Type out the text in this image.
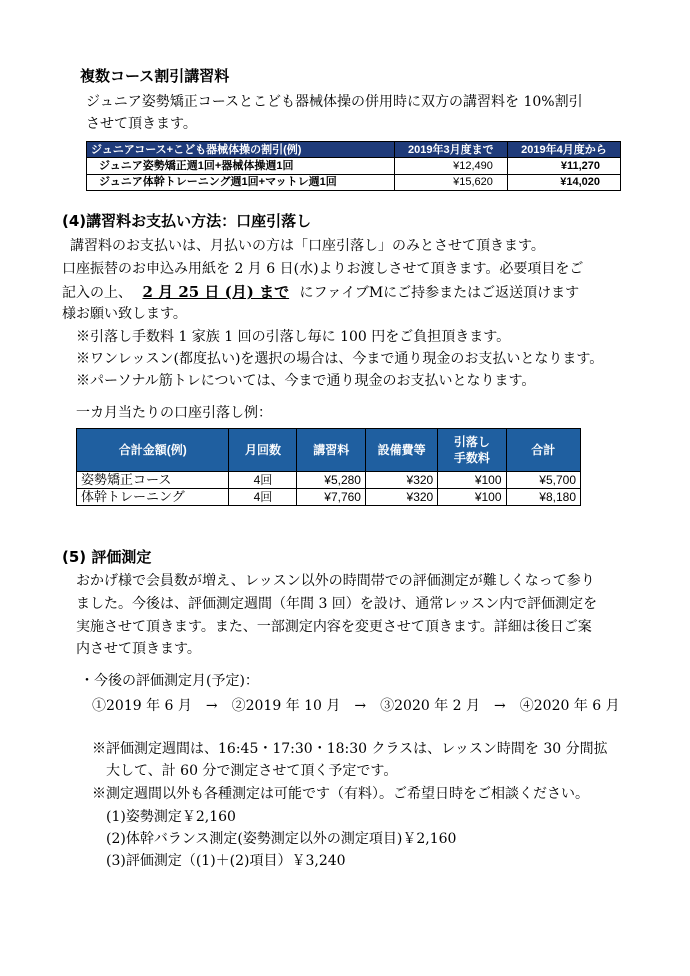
複数コース割引講習料
ジュニア姿勢矯正コースとこども器械体操の併用時に双方の講習料を 10%割引
させて頂きます。
ジュニアコース+こども器械体操の割引(例)	2019年3月度まで	2019年4月度から
ジュニア姿勢矯正週1回+器械体操週1回	¥12,490	¥11,270
ジュニア体幹トレーニング週1回+マットレ週1回	¥15,620	¥14,020
(4)講習料お支払い方法：口座引落し
講習料のお支払いは、月払いの方は「口座引落し」のみとさせて頂きます。
口座振替のお申込み用紙を 2 月 6 日(水)よりお渡しさせて頂きます。必要項目をご
記入の上、 2 月 25 日 (月) まで にファイブMにご持参またはご返送頂けます
様お願い致します。
※引落し手数料 1 家族 1 回の引落し毎に 100 円をご負担頂きます。
※ワンレッスン(都度払い)を選択の場合は、今まで通り現金のお支払いとなります。
※パーソナル筋トレについては、今まで通り現金のお支払いとなります。
一カ月当たりの口座引落し例：
合計金額(例)	月回数	講習料	設備費等	引落し
手数料	合計
姿勢矯正コース	4回	¥5,280	¥320	¥100	¥5,700
体幹トレーニング	4回	¥7,760	¥320	¥100	¥8,180
(5) 評価測定
おかげ様で会員数が増え、レッスン以外の時間帯での評価測定が難しくなって参り
ました。今後は、評価測定週間（年間 3 回）を設け、通常レッスン内で評価測定を
実施させて頂きます。また、一部測定内容を変更させて頂きます。詳細は後日ご案
内させて頂きます。
・今後の評価測定月(予定)：
①2019 年 6 月　→　②2019 年 10 月　→　③2020 年 2 月　→　④2020 年 6 月
※評価測定週間は、16:45・17:30・18:30 クラスは、レッスン時間を 30 分間拡
大して、計 60 分で測定させて頂く予定です。
※測定週間以外も各種測定は可能です（有料）。ご希望日時をご相談ください。
(1)姿勢測定￥2,160
(2)体幹バランス測定(姿勢測定以外の測定項目)￥2,160
(3)評価測定（(1)＋(2)項目）￥3,240
